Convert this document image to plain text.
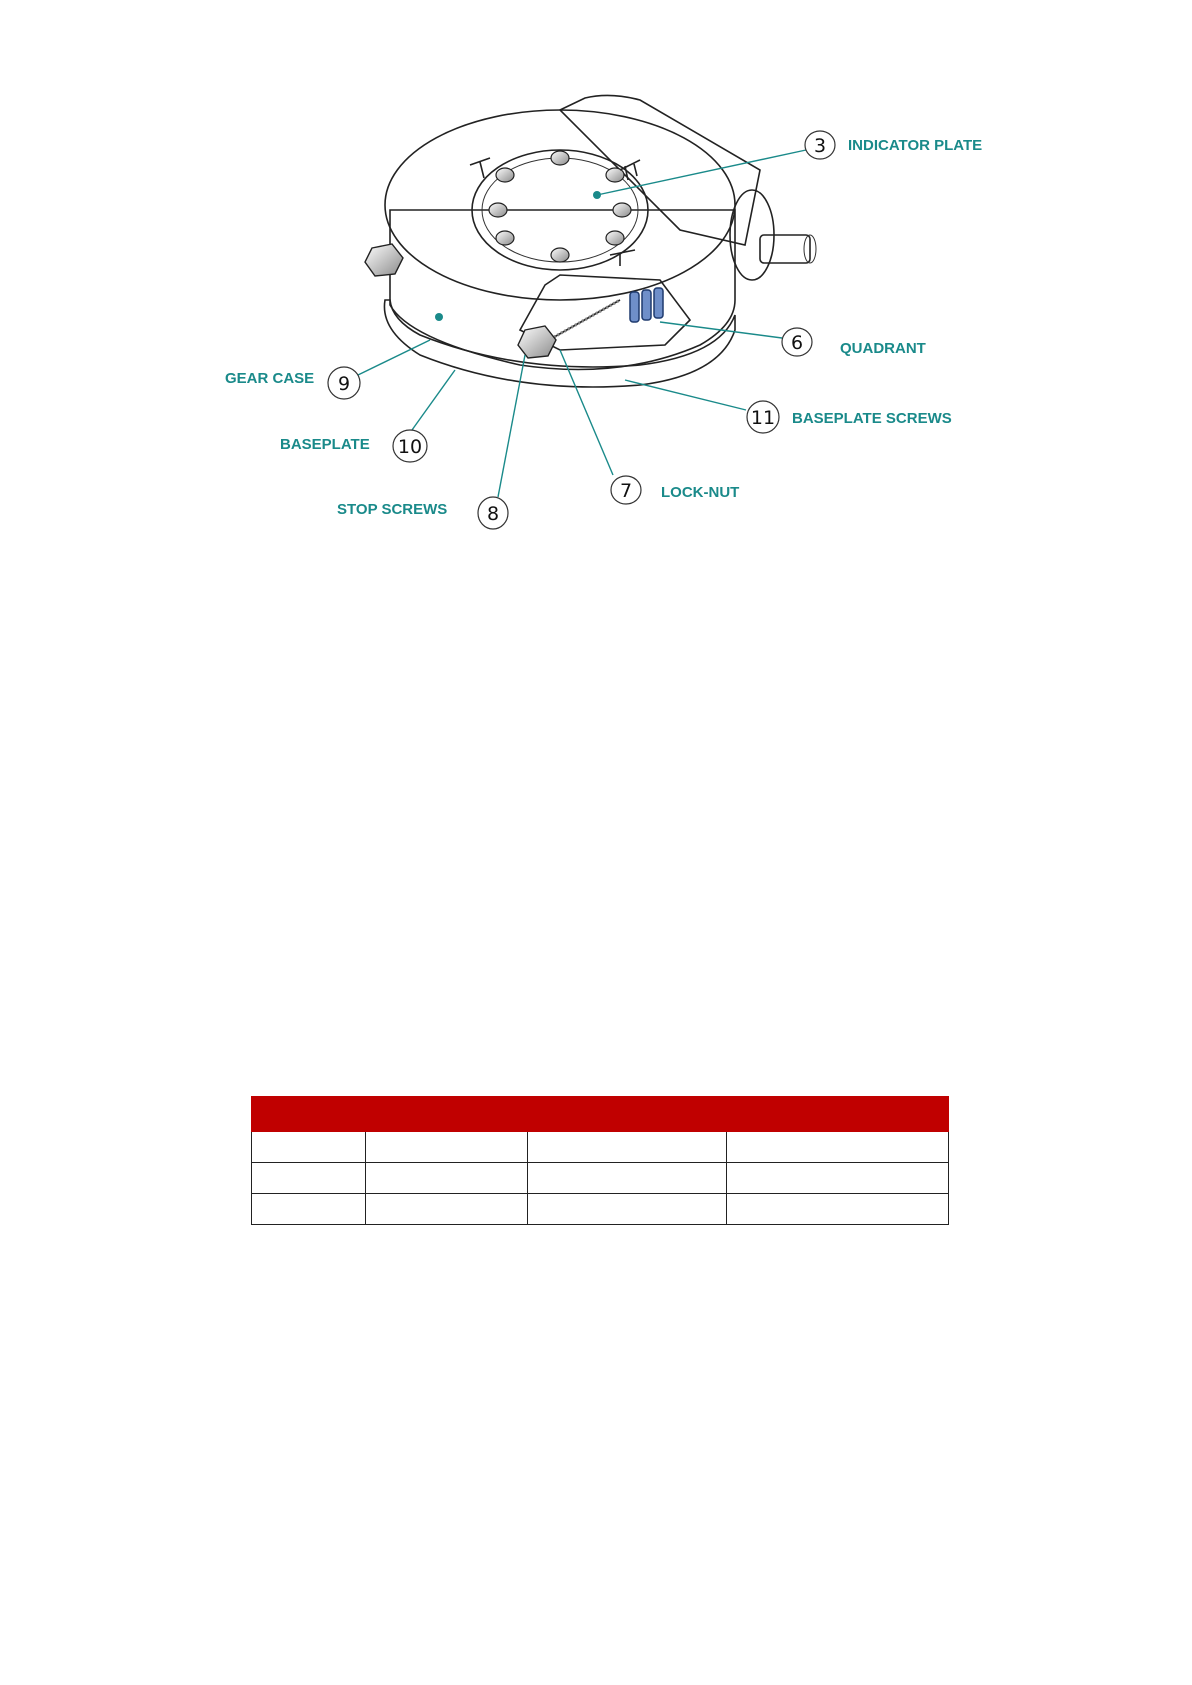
3 INDICATOR PLATE
6 QUADRANT
7 LOCK-NUT
8
STOP SCREWS
9
GEAR CASE
10
BASEPLATE
11 BASEPLATE SCREWS
